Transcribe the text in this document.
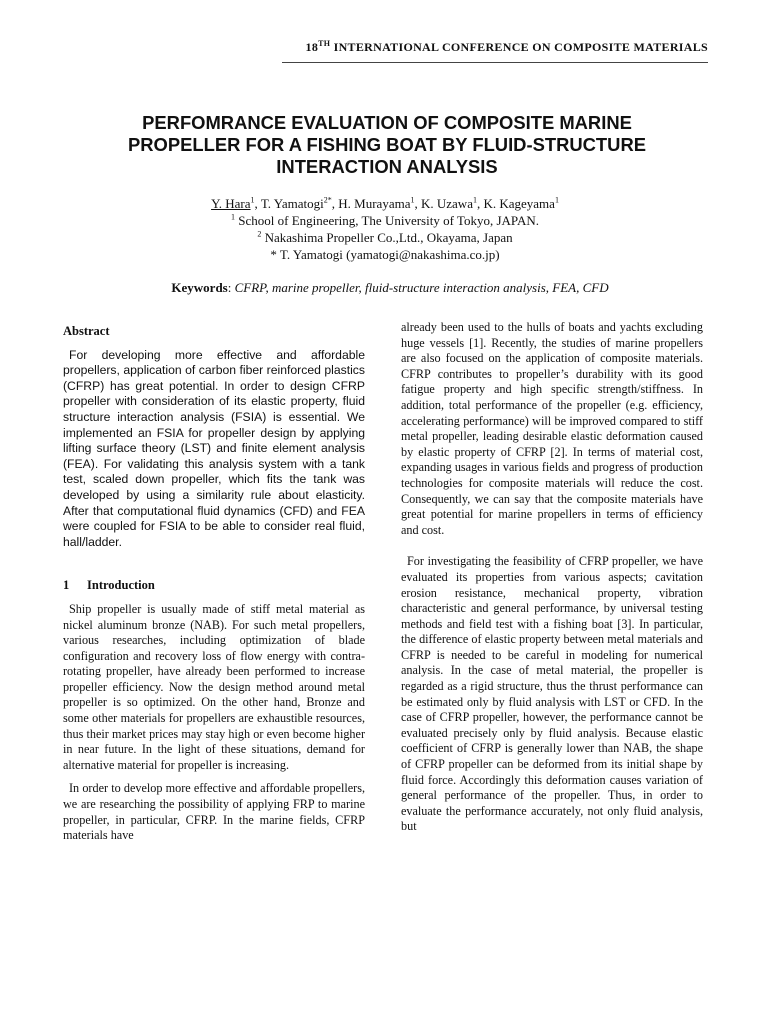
18TH INTERNATIONAL CONFERENCE ON COMPOSITE MATERIALS
PERFOMRANCE EVALUATION OF COMPOSITE MARINE
PROPELLER FOR A FISHING BOAT BY FLUID-STRUCTURE
INTERACTION ANALYSIS
Y. Hara$^1$, T. Yamatogi$^{2*}$, H. Murayama$^1$, K. Uzawa$^1$, K. Kageyama$^1$
$^1$ School of Engineering, The University of Tokyo, JAPAN.
$^2$ Nakashima Propeller Co.,Ltd., Okayama, Japan
* T. Yamatogi (yamatogi@nakashima.co.jp)
Keywords: CFRP, marine propeller, fluid-structure interaction analysis, FEA, CFD

Abstract

For developing more effective and affordable propellers, application of carbon fiber reinforced plastics (CFRP) has great potential. In order to design CFRP propeller with consideration of its elastic property, fluid structure interaction analysis (FSIA) is essential. We implemented an FSIA for propeller design by applying lifting surface theory (LST) and finite element analysis (FEA). For validating this analysis system with a tank test, scaled down propeller, which fits the tank was developed by using a similarity rule about elasticity. After that computational fluid dynamics (CFD) and FEA were coupled for FSIA to be able to consider real fluid, hall/ladder.

1 Introduction

Ship propeller is usually made of stiff metal material as nickel aluminum bronze (NAB). For such metal propellers, various researches, including optimization of blade configuration and recovery loss of flow energy with contra-rotating propeller, have already been performed to increase propeller efficiency. Now the design method around metal propeller is so optimized. On the other hand, Bronze and some other materials for propellers are exhaustible resources, thus their market prices may stay high or even become higher in near future. In the light of these situations, demand for alternative material for propeller is increasing.

In order to develop more effective and affordable propellers, we are researching the possibility of applying FRP to marine propeller, in particular, CFRP. In the marine fields, CFRP materials have

already been used to the hulls of boats and yachts excluding huge vessels [1]. Recently, the studies of marine propellers are also focused on the application of composite materials. CFRP contributes to propeller’s durability with its good fatigue property and high specific strength/stiffness. In addition, total performance of the propeller (e.g. efficiency, accelerating performance) will be improved compared to stiff metal propeller, leading desirable elastic deformation caused by elastic property of CFRP [2]. In terms of material cost, expanding usages in various fields and progress of production technologies for composite materials will reduce the cost. Consequently, we can say that the composite materials have great potential for marine propellers in terms of efficiency and cost.

For investigating the feasibility of CFRP propeller, we have evaluated its properties from various aspects; cavitation erosion resistance, mechanical property, vibration characteristic and general performance, by universal testing methods and field test with a fishing boat [3]. In particular, the difference of elastic property between metal materials and CFRP is needed to be careful in modeling for numerical analysis. In the case of metal material, the propeller is regarded as a rigid structure, thus the thrust performance can be estimated only by fluid analysis with LST or CFD. In the case of CFRP propeller, however, the performance cannot be evaluated precisely only by fluid analysis. Because elastic coefficient of CFRP is generally lower than NAB, the shape of CFRP propeller can be deformed from its initial shape by fluid force. Accordingly this deformation causes variation of general performance of the propeller. Thus, in order to evaluate the performance accurately, not only fluid analysis, but
